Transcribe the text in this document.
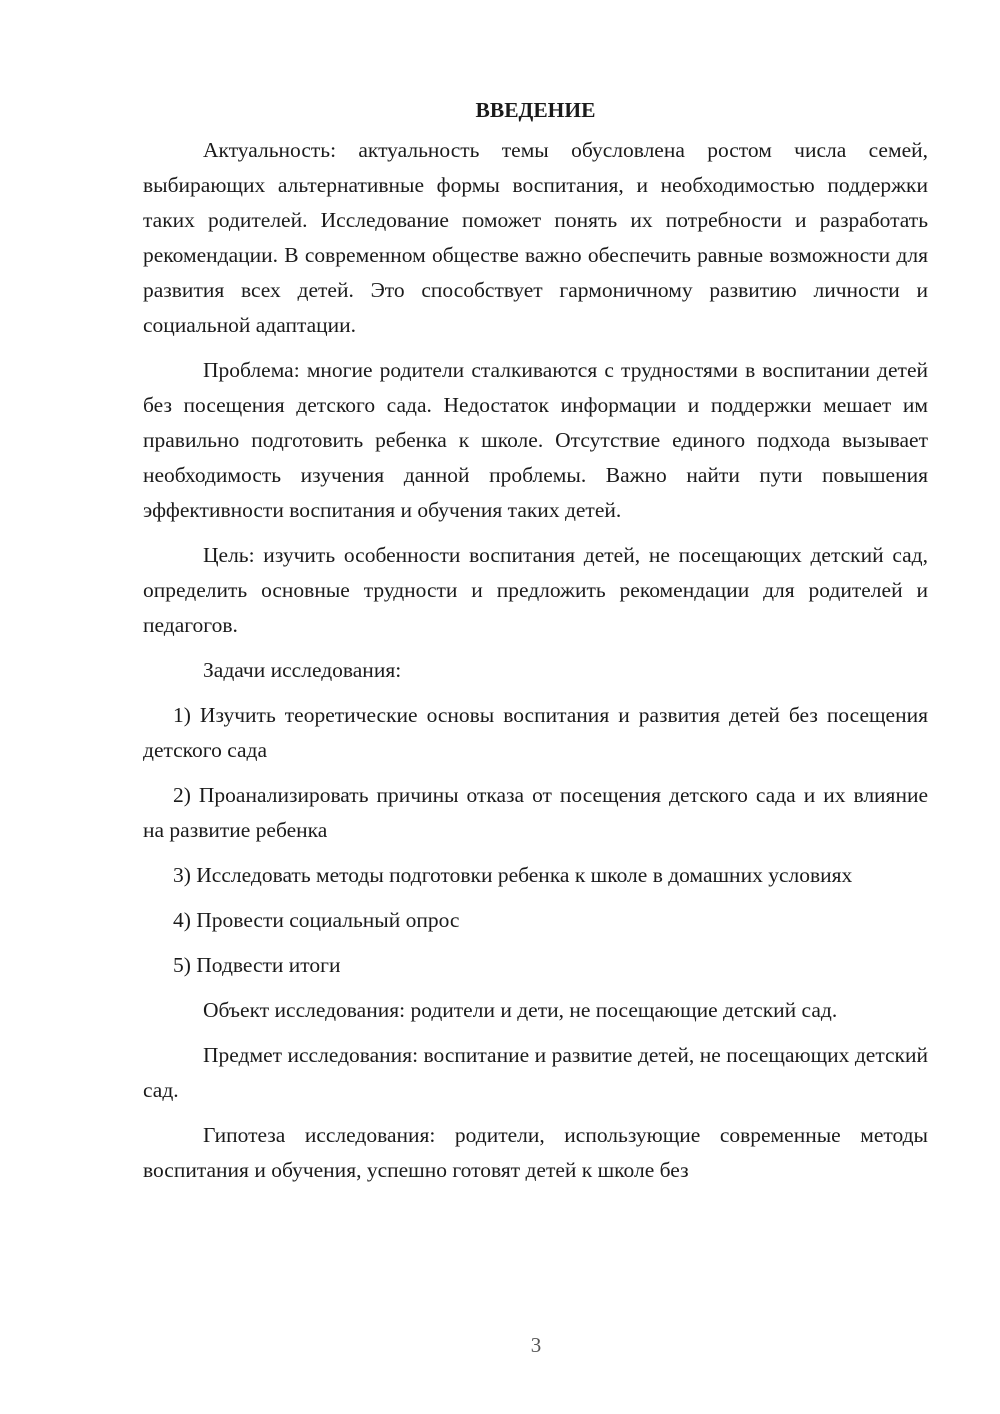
ВВЕДЕНИЕ

Актуальность: актуальность темы обусловлена ростом числа семей, выбирающих альтернативные формы воспитания, и необходимостью поддержки таких родителей. Исследование поможет понять их потребности и разработать рекомендации. В современном обществе важно обеспечить равные возможности для развития всех детей. Это способствует гармоничному развитию личности и социальной адаптации.

Проблема: многие родители сталкиваются с трудностями в воспитании детей без посещения детского сада. Недостаток информации и поддержки мешает им правильно подготовить ребенка к школе. Отсутствие единого подхода вызывает необходимость изучения данной проблемы. Важно найти пути повышения эффективности воспитания и обучения таких детей.

Цель: изучить особенности воспитания детей, не посещающих детский сад, определить основные трудности и предложить рекомендации для родителей и педагогов.

Задачи исследования:

1) Изучить теоретические основы воспитания и развития детей без посещения детского сада

2) Проанализировать причины отказа от посещения детского сада и их влияние на развитие ребенка

3) Исследовать методы подготовки ребенка к школе в домашних условиях

4) Провести социальный опрос

5) Подвести итоги

Объект исследования: родители и дети, не посещающие детский сад.

Предмет исследования: воспитание и развитие детей, не посещающих детский сад.

Гипотеза исследования: родители, использующие современные методы воспитания и обучения, успешно готовят детей к школе без

3
